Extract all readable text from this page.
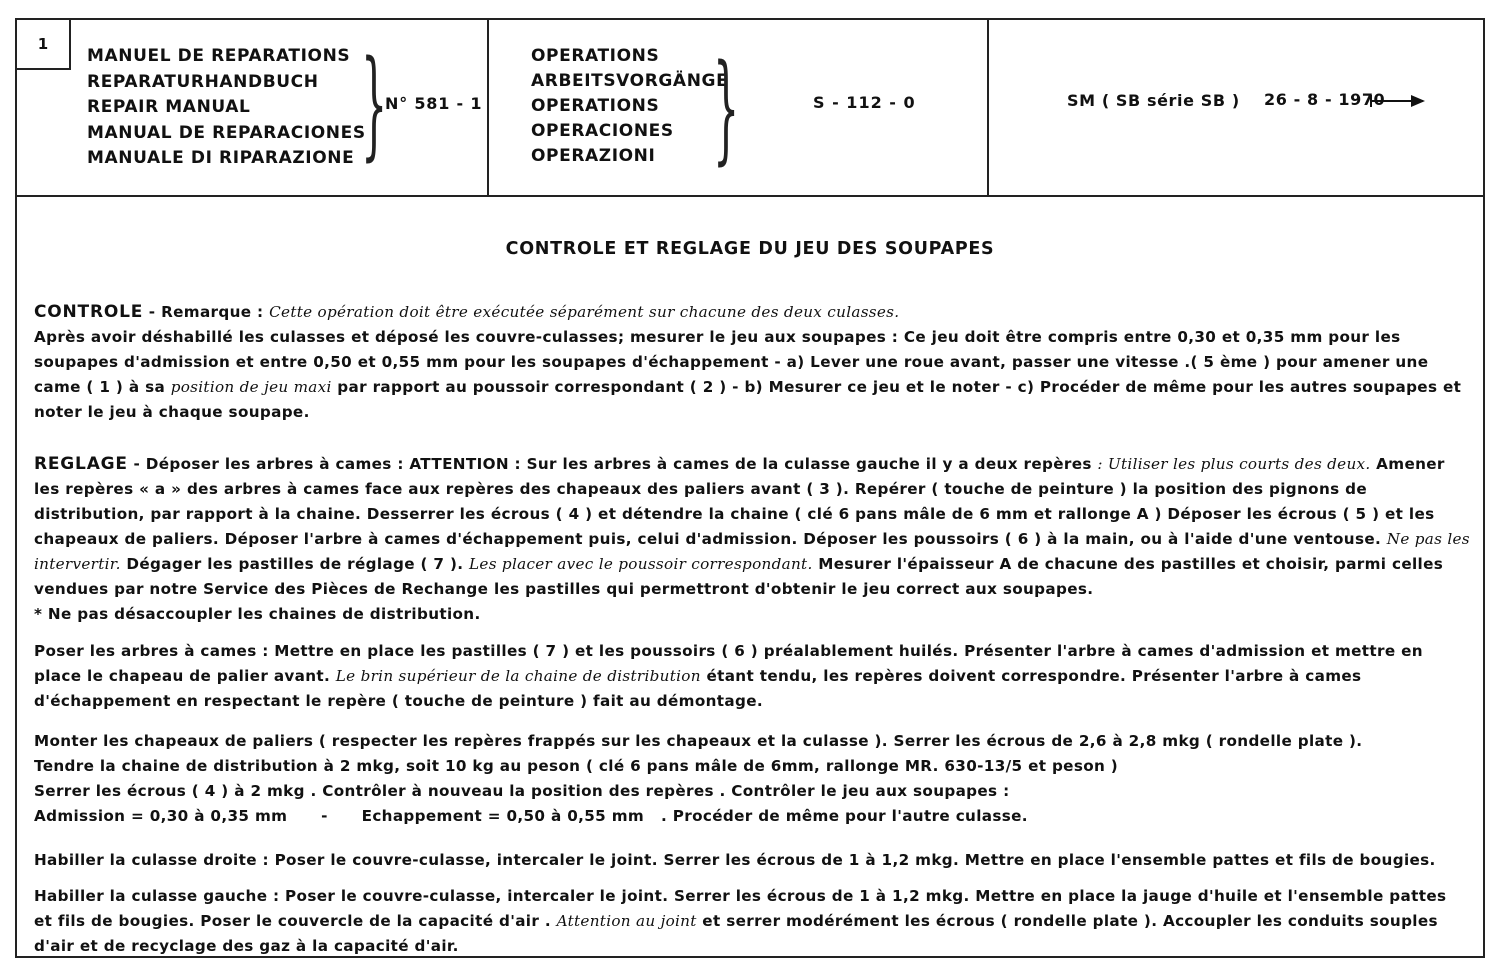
1
MANUEL DE REPARATIONS
REPARATURHANDBUCH
REPAIR MANUAL
MANUAL DE REPARACIONES
MANUALE DI RIPARAZIONE }
N° 581 - 1
OPERATIONS
ARBEITSVORGÄNGE
OPERATIONS
OPERACIONES
OPERAZIONI }	S - 112 - 0	SM ( SB série SB ) 26 - 8 - 1970
CONTROLE ET REGLAGE DU JEU DES SOUPAPES

CONTROLE - Remarque : Cette opération doit être exécutée séparément sur chacune des deux culasses.

Après avoir déshabillé les culasses et déposé les couvre-culasses; mesurer le jeu aux soupapes : Ce jeu doit être compris entre 0,30 et 0,35 mm pour les soupapes d'admission et entre 0,50 et 0,55 mm pour les soupapes d'échappement - a) Lever une roue avant, passer une vitesse .( 5 ème ) pour amener une came ( 1 ) à sa position de jeu maxi par rapport au poussoir correspondant ( 2 ) - b) Mesurer ce jeu et le noter - c) Procéder de même pour les autres soupapes et noter le jeu à chaque soupape.

REGLAGE - Déposer les arbres à cames : ATTENTION : Sur les arbres à cames de la culasse gauche il y a deux repères : Utiliser les plus courts des deux. Amener les repères « a » des arbres à cames face aux repères des chapeaux des paliers avant ( 3 ). Repérer ( touche de peinture ) la position des pignons de distribution, par rapport à la chaine. Desserrer les écrous ( 4 ) et détendre la chaine ( clé 6 pans mâle de 6 mm et rallonge A ) Déposer les écrous ( 5 ) et les chapeaux de paliers. Déposer l'arbre à cames d'échappement puis, celui d'admission. Déposer les poussoirs ( 6 ) à la main, ou à l'aide d'une ventouse. Ne pas les intervertir. Dégager les pastilles de réglage ( 7 ). Les placer avec le poussoir correspondant. Mesurer l'épaisseur A de chacune des pastilles et choisir, parmi celles vendues par notre Service des Pièces de Rechange les pastilles qui permettront d'obtenir le jeu correct aux soupapes.

* Ne pas désaccoupler les chaines de distribution.

Poser les arbres à cames : Mettre en place les pastilles ( 7 ) et les poussoirs ( 6 ) préalablement huilés. Présenter l'arbre à cames d'admission et mettre en place le chapeau de palier avant. Le brin supérieur de la chaine de distribution étant tendu, les repères doivent correspondre. Présenter l'arbre à cames d'échappement en respectant le repère ( touche de peinture ) fait au démontage.

Monter les chapeaux de paliers ( respecter les repères frappés sur les chapeaux et la culasse ). Serrer les écrous de 2,6 à 2,8 mkg ( rondelle plate ).

Tendre la chaine de distribution à 2 mkg, soit 10 kg au peson ( clé 6 pans mâle de 6mm, rallonge MR. 630-13/5 et peson )

Serrer les écrous ( 4 ) à 2 mkg . Contrôler à nouveau la position des repères . Contrôler le jeu aux soupapes :

Admission = 0,30 à 0,35 mm      -      Echappement = 0,50 à 0,55 mm   . Procéder de même pour l'autre culasse.

Habiller la culasse droite : Poser le couvre-culasse, intercaler le joint. Serrer les écrous de 1 à 1,2 mkg. Mettre en place l'ensemble pattes et fils de bougies.

Habiller la culasse gauche : Poser le couvre-culasse, intercaler le joint. Serrer les écrous de 1 à 1,2 mkg. Mettre en place la jauge d'huile et l'ensemble pattes et fils de bougies. Poser le couvercle de la capacité d'air . Attention au joint et serrer modérément les écrous ( rondelle plate ). Accoupler les conduits souples d'air et de recyclage des gaz à la capacité d'air.
